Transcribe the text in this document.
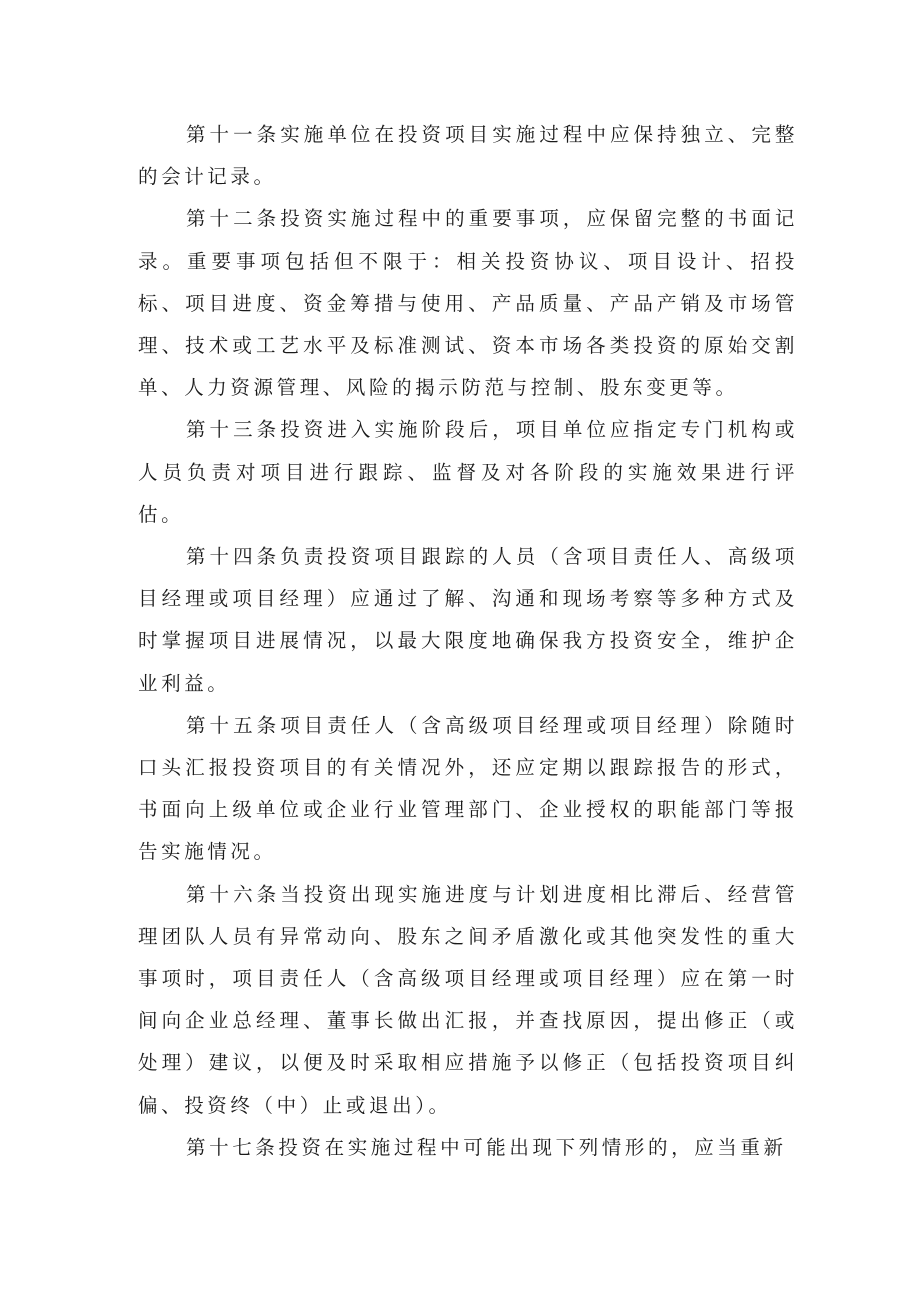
第十一条实施单位在投资项目实施过程中应保持独立、完整的会计记录。

第十二条投资实施过程中的重要事项，应保留完整的书面记录。重要事项包括但不限于：相关投资协议、项目设计、招投标、项目进度、资金筹措与使用、产品质量、产品产销及市场管理、技术或工艺水平及标准测试、资本市场各类投资的原始交割单、人力资源管理、风险的揭示防范与控制、股东变更等。

第十三条投资进入实施阶段后，项目单位应指定专门机构或人员负责对项目进行跟踪、监督及对各阶段的实施效果进行评估。

第十四条负责投资项目跟踪的人员（含项目责任人、高级项目经理或项目经理）应通过了解、沟通和现场考察等多种方式及时掌握项目进展情况，以最大限度地确保我方投资安全，维护企业利益。

第十五条项目责任人（含高级项目经理或项目经理）除随时口头汇报投资项目的有关情况外，还应定期以跟踪报告的形式，书面向上级单位或企业行业管理部门、企业授权的职能部门等报告实施情况。

第十六条当投资出现实施进度与计划进度相比滞后、经营管理团队人员有异常动向、股东之间矛盾激化或其他突发性的重大事项时，项目责任人（含高级项目经理或项目经理）应在第一时间向企业总经理、董事长做出汇报，并查找原因，提出修正（或处理）建议，以便及时采取相应措施予以修正（包括投资项目纠偏、投资终（中）止或退出）。

第十七条投资在实施过程中可能出现下列情形的，应当重新
